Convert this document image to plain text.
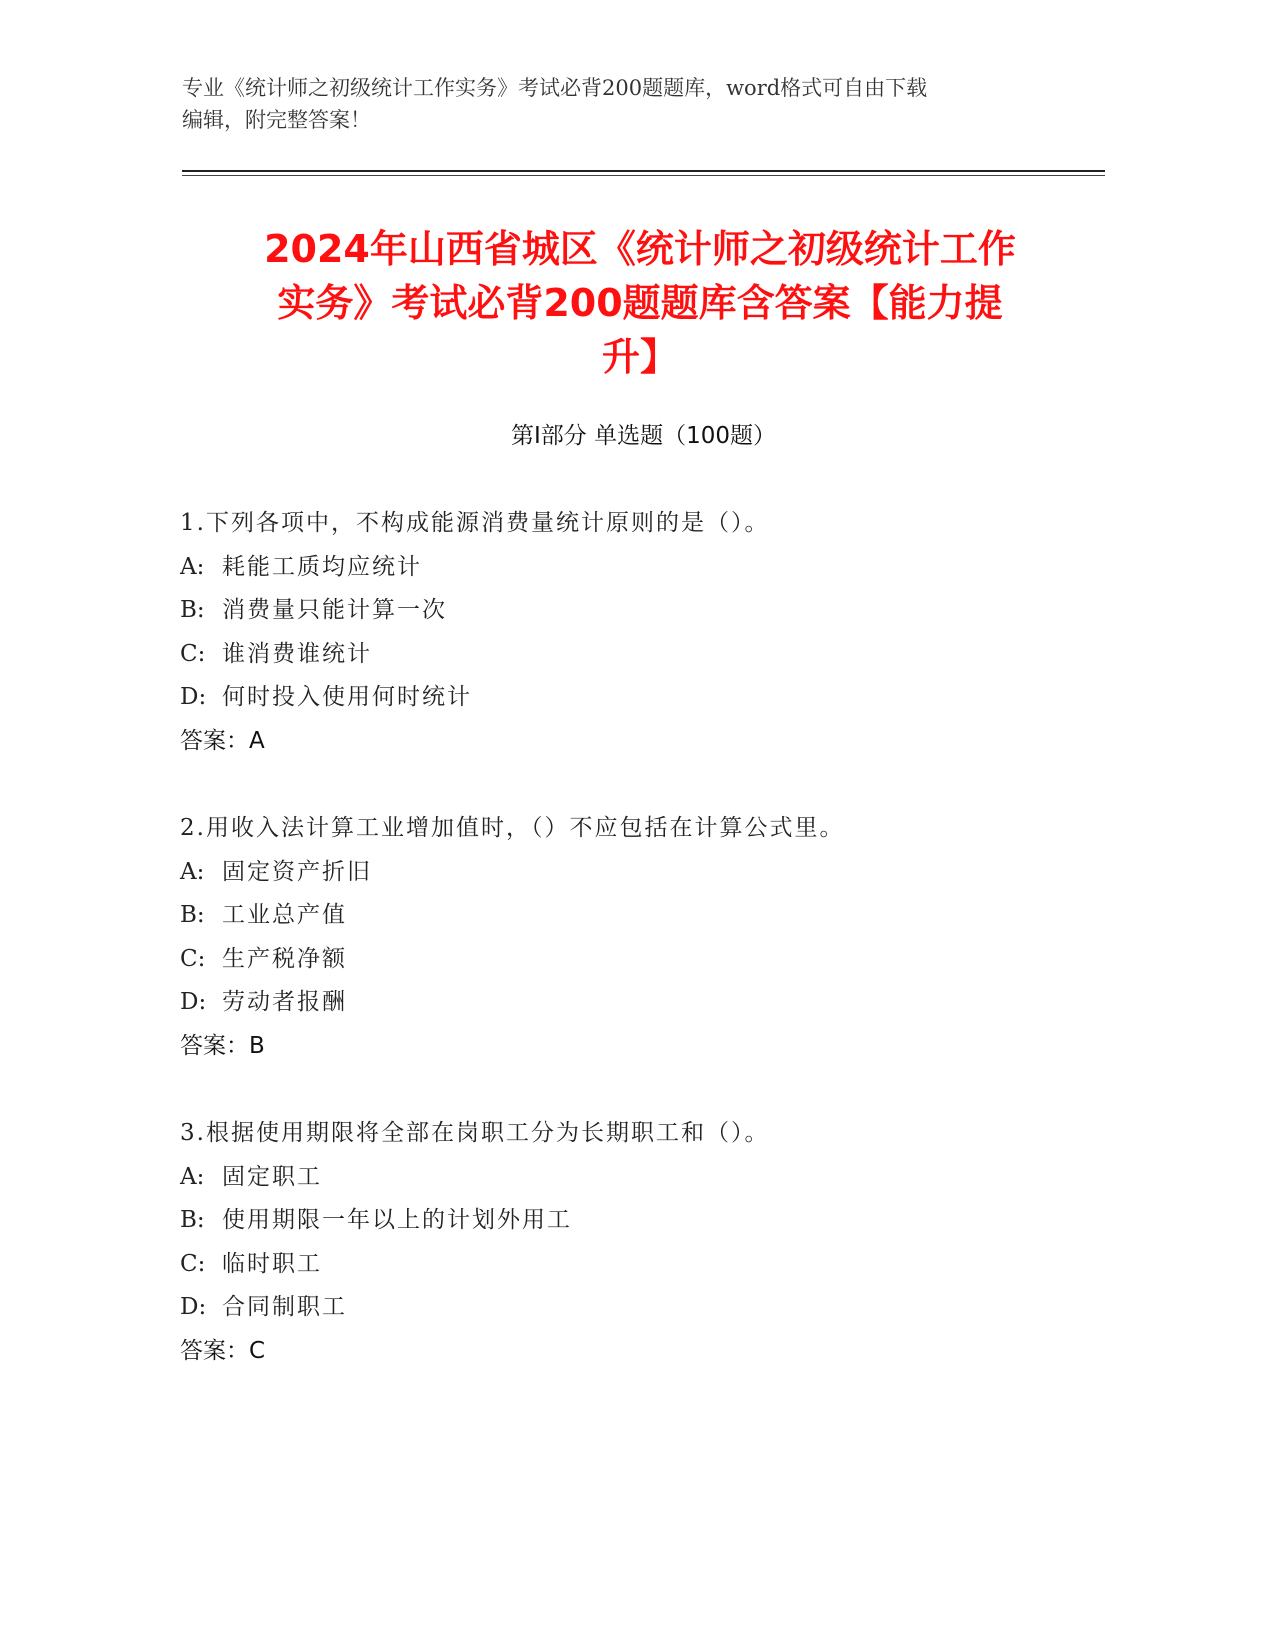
专业《统计师之初级统计工作实务》考试必背200题题库，word格式可自由下载
编辑，附完整答案！
2024年山西省城区《统计师之初级统计工作
实务》考试必背200题题库含答案【能力提
升】
第I部分 单选题（100题）
1.下列各项中，不构成能源消费量统计原则的是（）。
A: 耗能工质均应统计
B: 消费量只能计算一次
C: 谁消费谁统计
D: 何时投入使用何时统计
答案：A
2.用收入法计算工业增加值时，（）不应包括在计算公式里。
A: 固定资产折旧
B: 工业总产值
C: 生产税净额
D: 劳动者报酬
答案：B
3.根据使用期限将全部在岗职工分为长期职工和（）。
A: 固定职工
B: 使用期限一年以上的计划外用工
C: 临时职工
D: 合同制职工
答案：C
